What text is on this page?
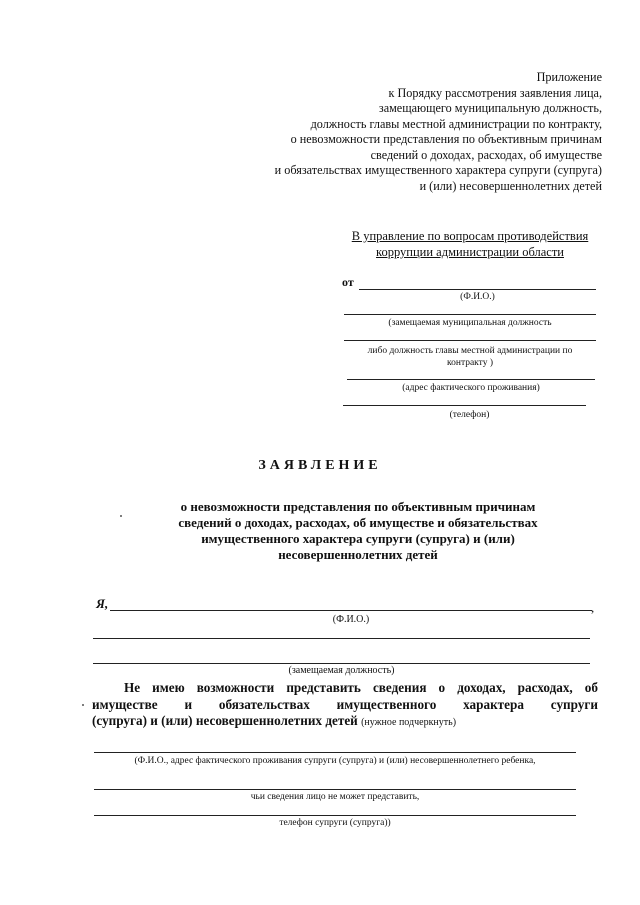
Приложение
к Порядку рассмотрения заявления лица,
замещающего муниципальную должность,
должность главы местной администрации по контракту,
о невозможности представления по объективным причинам
сведений о доходах, расходах, об имуществе
и обязательствах имущественного характера супруги (супруга)
и (или) несовершеннолетних детей
В управление по вопросам противодействия
коррупции администрации области
от
(Ф.И.О.)
(замещаемая муниципальная должность
либо должность главы местной администрации по
контракту )
(адрес фактического проживания)
(телефон)
ЗАЯВЛЕНИЕ
о невозможности представления по объективным причинам
сведений о доходах, расходах, об имуществе и обязательствах
имущественного характера супруги (супруга) и (или)
несовершеннолетних детей
Я,	,
(Ф.И.О.)
(замещаемая должность)
Не имею возможности представить сведения о доходах, расходах, об
имуществе и обязательствах имущественного характера супруги
(супруга) и (или) несовершеннолетних детей (нужное подчеркнуть)
(Ф.И.О., адрес фактического проживания супруги (супруга) и (или) несовершеннолетнего ребенка,
чьи сведения лицо не может представить,
телефон супруги (супруга))
